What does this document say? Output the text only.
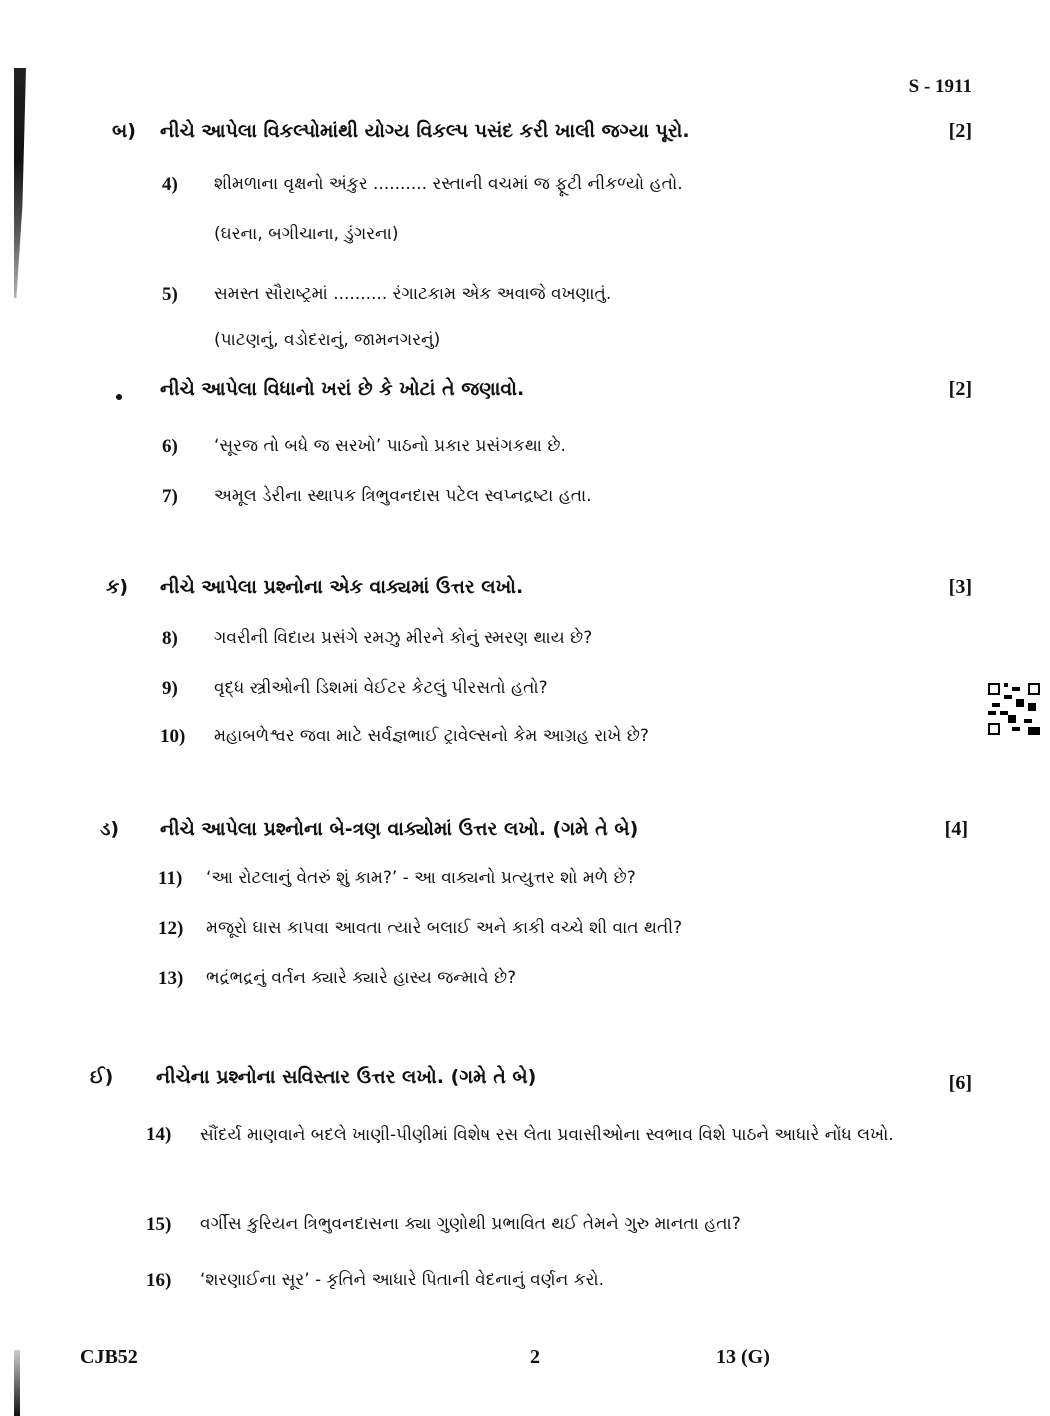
S - 1911
બ) નીચે આપેલા વિકલ્પોમાંથી યોગ્ય વિકલ્પ પસંદ કરી ખાલી જગ્યા પૂરો.	[2]
4) શીમળાના વૃક્ષનો અંકુર .......... રસ્તાની વચમાં જ ફૂટી નીકળ્યો હતો.
(ઘરના, બગીચાના, ડુંગરના)
5) સમસ્ત સૌરાષ્ટ્રમાં .......... રંગાટકામ એક અવાજે વખણાતું.
(પાટણનું, વડોદરાનું, જામનગરનું)
નીચે આપેલા વિધાનો ખરાં છે કે ખોટાં તે જણાવો.	[2]
6) ‘સૂરજ તો બધે જ સરખો’ પાઠનો પ્રકાર પ્રસંગકથા છે.
7) અમૂલ ડેરીના સ્થાપક ત્રિભુવનદાસ પટેલ સ્વપ્નદ્રષ્ટા હતા.
ક) નીચે આપેલા પ્રશ્નોના એક વાક્યમાં ઉત્તર લખો.	[3]
8) ગવરીની વિદાય પ્રસંગે રમઝુ મીરને કોનું સ્મરણ થાય છે?
9) વૃદ્ધ સ્ત્રીઓની ડિશમાં વેઈટર કેટલું પીરસતો હતો?
10) મહાબળેશ્વર જવા માટે સર્વજ્ઞભાઈ ટ્રાવેલ્સનો કેમ આગ્રહ રાખે છે?
ડ) નીચે આપેલા પ્રશ્નોના બે-ત્રણ વાક્યોમાં ઉત્તર લખો. (ગમે તે બે)	[4]
11) ‘આ રોટલાનું વેતરું શું કામ?’ - આ વાક્યનો પ્રત્યુત્તર શો મળે છે?
12) મજૂરો ઘાસ કાપવા આવતા ત્યારે બલાઈ અને કાકી વચ્ચે શી વાત થતી?
13) ભદ્રંભદ્રનું વર્તન ક્યારે ક્યારે હાસ્ય જન્માવે છે?
ઈ) નીચેના પ્રશ્નોના સવિસ્તાર ઉત્તર લખો. (ગમે તે બે)	[6]
14) સૌંદર્ય માણવાને બદલે ખાણી-પીણીમાં વિશેષ રસ લેતા પ્રવાસીઓના સ્વભાવ વિશે પાઠને આધારે નોંધ લખો.
15) વર્ગીસ કુરિયન ત્રિભુવનદાસના ક્યા ગુણોથી પ્રભાવિત થઈ તેમને ગુરુ માનતા હતા?
16) ‘શરણાઈના સૂર’ - કૃતિને આધારે પિતાની વેદનાનું વર્ણન કરો.
CJB52	2	13 (G)
